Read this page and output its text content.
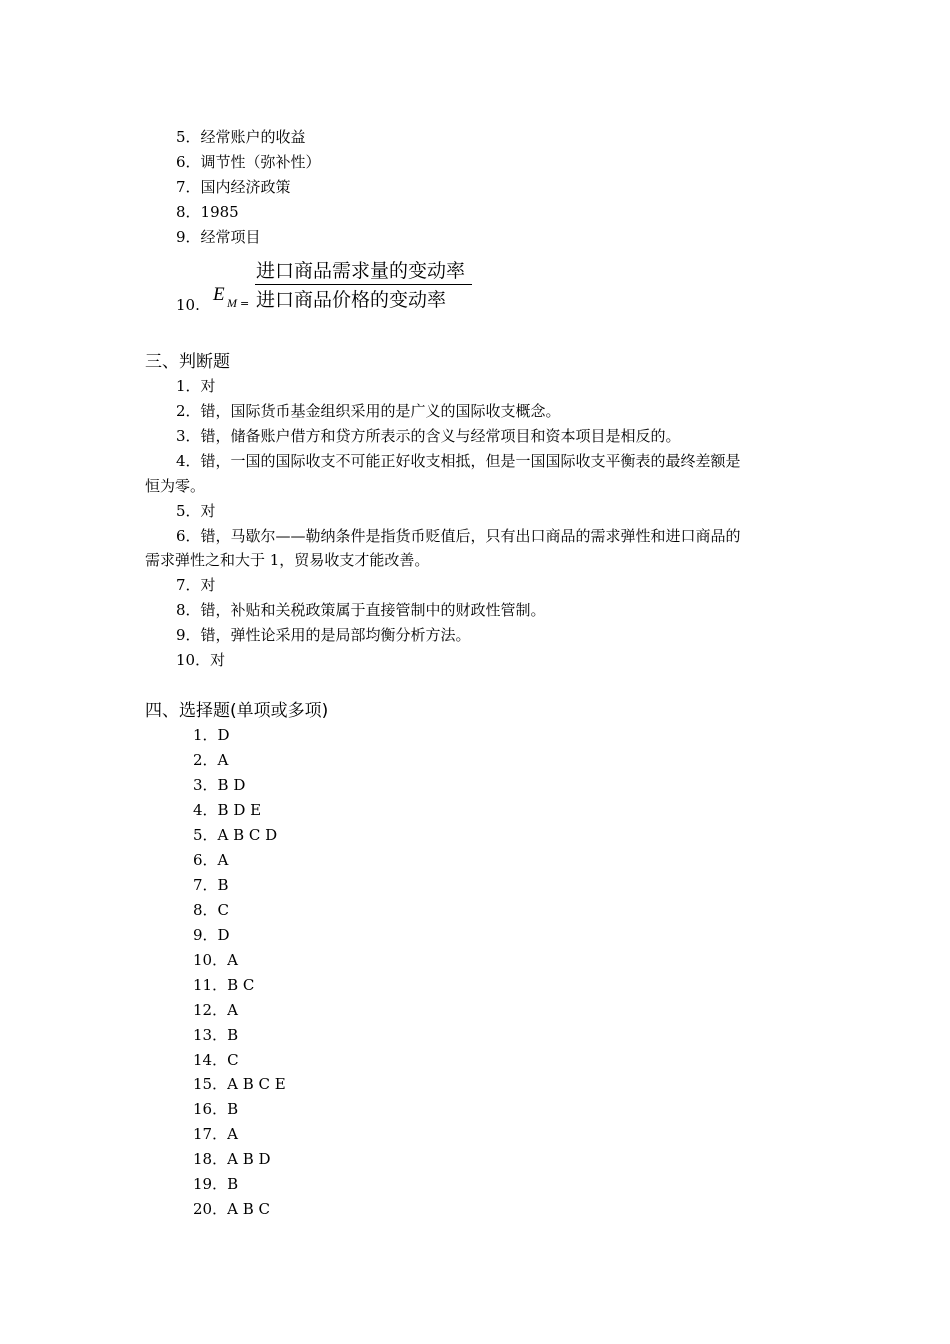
5．经常账户的收益
6．调节性（弥补性）
7．国内经济政策
8．1985
9．经常项目
10. E M =
进口商品需求量的变动率
进口商品价格的变动率
三、判断题
1．对
2．错，国际货币基金组织采用的是广义的国际收支概念。
3．错，储备账户借方和贷方所表示的含义与经常项目和资本项目是相反的。
4．错，一国的国际收支不可能正好收支相抵，但是一国国际收支平衡表的最终差额是
恒为零。
5．对
6．错，马歇尔——勒纳条件是指货币贬值后，只有出口商品的需求弹性和进口商品的
需求弹性之和大于 1，贸易收支才能改善。
7．对
8．错，补贴和关税政策属于直接管制中的财政性管制。
9．错，弹性论采用的是局部均衡分析方法。
10．对
四、选择题(单项或多项)
1．D
2．A
3．B D
4．B D E
5．A B C D
6．A
7．B
8．C
9．D
10．A
11．B C
12．A
13．B
14．C
15．A B C E
16．B
17．A
18．A B D
19．B
20．A B C
